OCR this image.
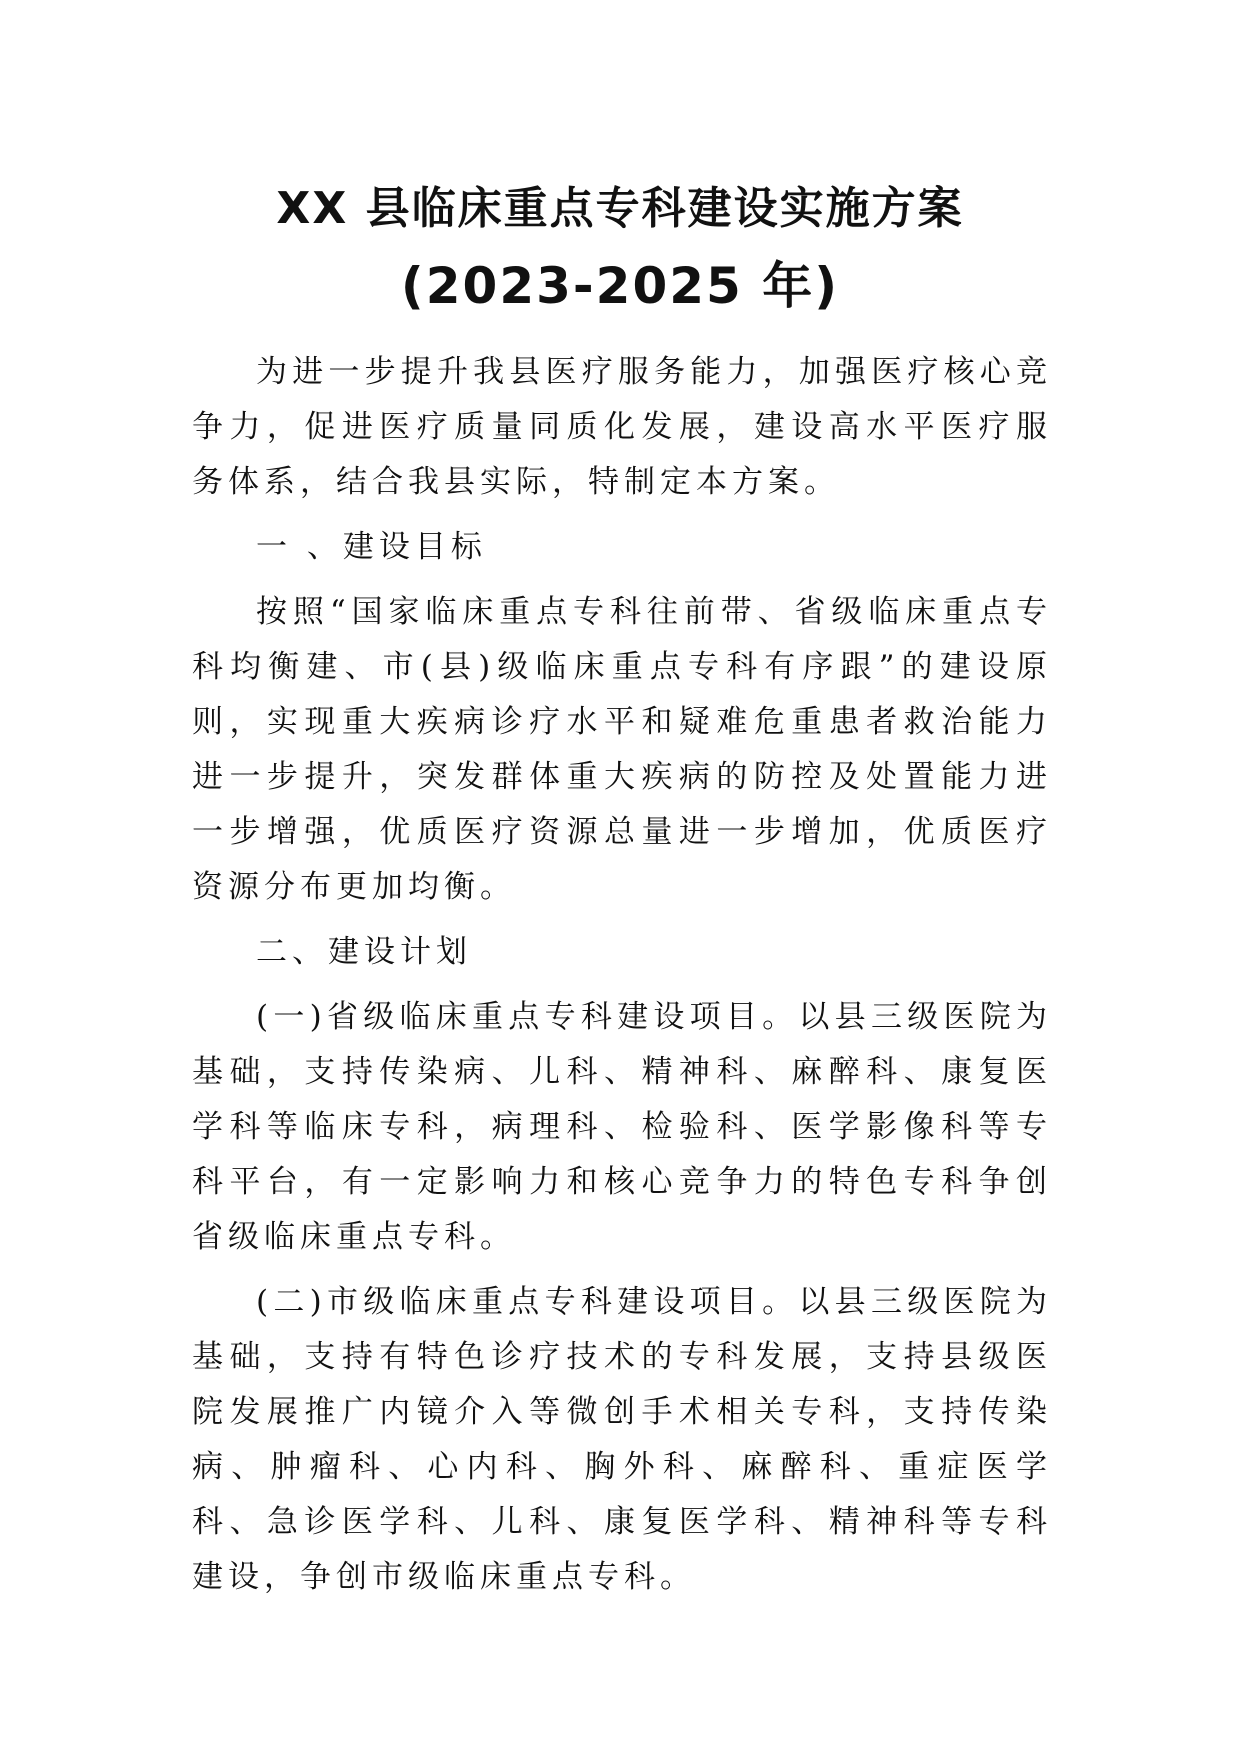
XX 县临床重点专科建设实施方案
(2023-2025 年)

为进一步提升我县医疗服务能力，加强医疗核心竞争力，促进医疗质量同质化发展，建设高水平医疗服务体系，结合我县实际，特制定本方案。

一 、建设目标

按照“国家临床重点专科往前带、省级临床重点专科均衡建、市(县)级临床重点专科有序跟”的建设原则，实现重大疾病诊疗水平和疑难危重患者救治能力进一步提升，突发群体重大疾病的防控及处置能力进一步增强，优质医疗资源总量进一步增加，优质医疗资源分布更加均衡。

二、建设计划

(一)省级临床重点专科建设项目。以县三级医院为基础，支持传染病、儿科、精神科、麻醉科、康复医学科等临床专科，病理科、检验科、医学影像科等专科平台，有一定影响力和核心竞争力的特色专科争创省级临床重点专科。

(二)市级临床重点专科建设项目。以县三级医院为基础，支持有特色诊疗技术的专科发展，支持县级医院发展推广内镜介入等微创手术相关专科，支持传染病、肿瘤科、心内科、胸外科、麻醉科、重症医学科、急诊医学科、儿科、康复医学科、精神科等专科建设，争创市级临床重点专科。
